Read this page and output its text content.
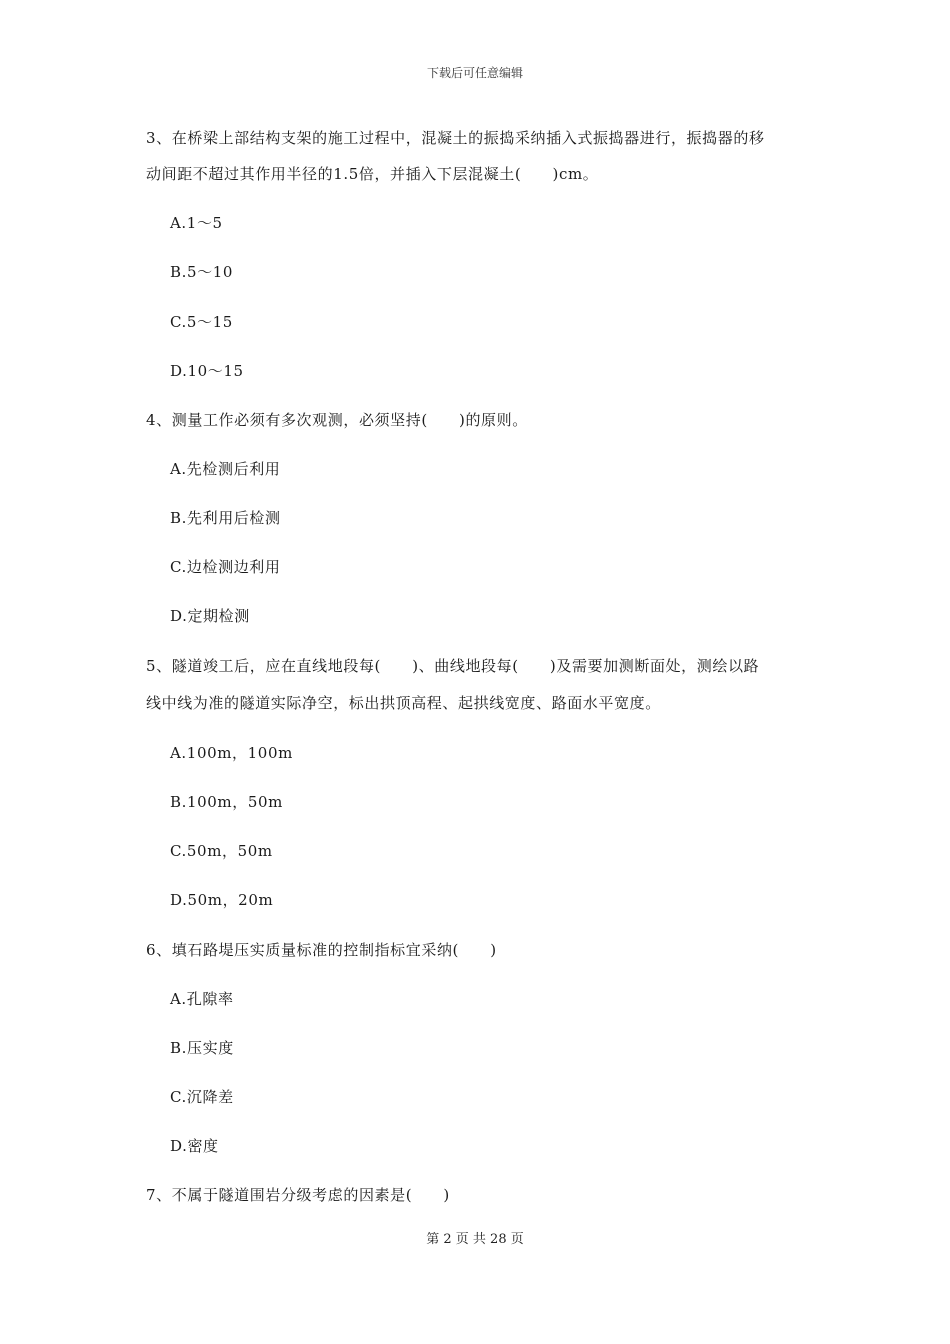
下载后可任意编辑
3、在桥梁上部结构支架的施工过程中，混凝土的振捣采纳插入式振捣器进行，振捣器的移
动间距不超过其作用半径的1.5倍，并插入下层混凝土(　　)cm。
A.1～5
B.5～10
C.5～15
D.10～15
4、测量工作必须有多次观测，必须坚持(　　)的原则。
A.先检测后利用
B.先利用后检测
C.边检测边利用
D.定期检测
5、隧道竣工后，应在直线地段每(　　)、曲线地段每(　　)及需要加测断面处，测绘以路
线中线为准的隧道实际净空，标出拱顶高程、起拱线宽度、路面水平宽度。
A.100m，100m
B.100m，50m
C.50m，50m
D.50m，20m
6、填石路堤压实质量标准的控制指标宜采纳(　　)
A.孔隙率
B.压实度
C.沉降差
D.密度
7、不属于隧道围岩分级考虑的因素是(　　)
第 2 页 共 28 页
